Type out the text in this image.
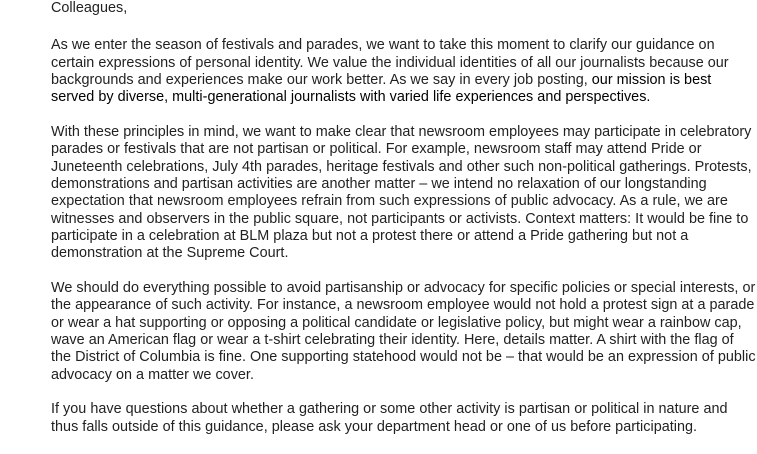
Colleagues,

As we enter the season of festivals and parades, we want to take this moment to clarify our guidance on certain expressions of personal identity. We value the individual identities of all our journalists because our backgrounds and experiences make our work better. As we say in every job posting, our mission is best served by diverse, multi-generational journalists with varied life experiences and perspectives.

With these principles in mind, we want to make clear that newsroom employees may participate in celebratory parades or festivals that are not partisan or political. For example, newsroom staff may attend Pride or Juneteenth celebrations, July 4th parades, heritage festivals and other such non-political gatherings. Protests, demonstrations and partisan activities are another matter – we intend no relaxation of our longstanding expectation that newsroom employees refrain from such expressions of public advocacy. As a rule, we are witnesses and observers in the public square, not participants or activists. Context matters: It would be fine to participate in a celebration at BLM plaza but not a protest there or attend a Pride gathering but not a demonstration at the Supreme Court.

We should do everything possible to avoid partisanship or advocacy for specific policies or special interests, or the appearance of such activity. For instance, a newsroom employee would not hold a protest sign at a parade or wear a hat supporting or opposing a political candidate or legislative policy, but might wear a rainbow cap, wave an American flag or wear a t-shirt celebrating their identity. Here, details matter. A shirt with the flag of the District of Columbia is fine. One supporting statehood would not be – that would be an expression of public advocacy on a matter we cover.

If you have questions about whether a gathering or some other activity is partisan or political in nature and thus falls outside of this guidance, please ask your department head or one of us before participating.
